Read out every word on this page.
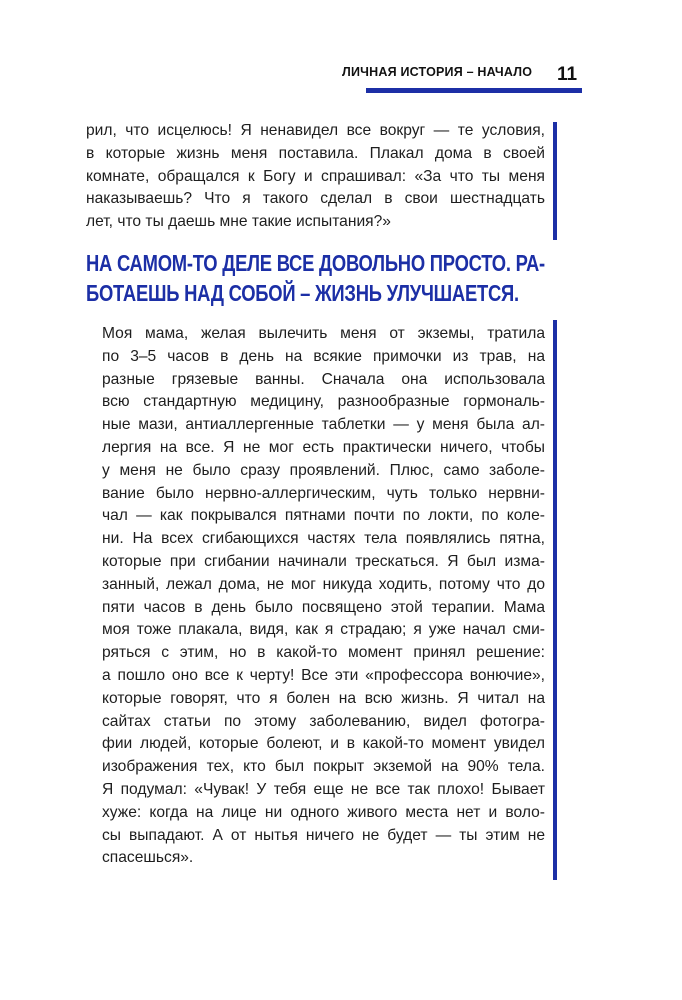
ЛИЧНАЯ ИСТОРИЯ – НАЧАЛО 11

рил, что исцелюсь! Я ненавидел все вокруг — те условия,
в которые жизнь меня поставила. Плакал дома в своей
комнате, обращался к Богу и спрашивал: «За что ты меня
наказываешь? Что я такого сделал в свои шестнадцать
лет, что ты даешь мне такие испытания?»

НА САМОМ-ТО ДЕЛЕ ВСЕ ДОВОЛЬНО ПРОСТО. РА-
БОТАЕШЬ НАД СОБОЙ – ЖИЗНЬ УЛУЧШАЕТСЯ.

Моя мама, желая вылечить меня от экземы, тратила
по 3–5 часов в день на всякие примочки из трав, на
разные грязевые ванны. Сначала она использовала
всю стандартную медицину, разнообразные гормональ-
ные мази, антиаллергенные таблетки — у меня была ал-
лергия на все. Я не мог есть практически ничего, чтобы
у меня не было сразу проявлений. Плюс, само заболе-
вание было нервно-аллергическим, чуть только нервни-
чал — как покрывался пятнами почти по локти, по коле-
ни. На всех сгибающихся частях тела появлялись пятна,
которые при сгибании начинали трескаться. Я был изма-
занный, лежал дома, не мог никуда ходить, потому что до
пяти часов в день было посвящено этой терапии. Мама
моя тоже плакала, видя, как я страдаю; я уже начал сми-
ряться с этим, но в какой-то момент принял решение:
а пошло оно все к черту! Все эти «профессора вонючие»,
которые говорят, что я болен на всю жизнь. Я читал на
сайтах статьи по этому заболеванию, видел фотогра-
фии людей, которые болеют, и в какой-то момент увидел
изображения тех, кто был покрыт экземой на 90% тела.
Я подумал: «Чувак! У тебя еще не все так плохо! Бывает
хуже: когда на лице ни одного живого места нет и воло-
сы выпадают. А от нытья ничего не будет — ты этим не
спасешься».
